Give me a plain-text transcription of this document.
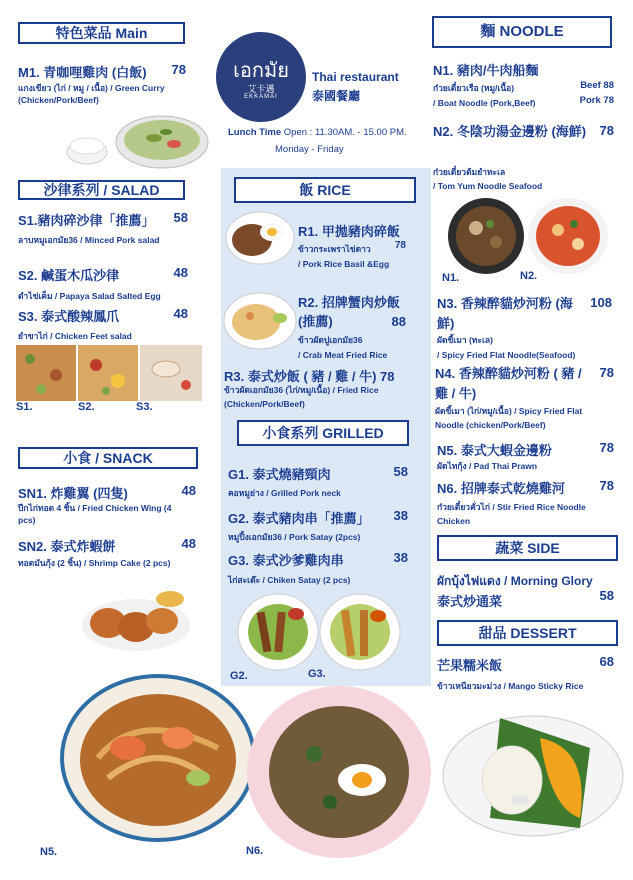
特色菜品 Main
M1. 青咖哩雞肉 (白飯)	78
แกงเขียว (ไก่ / หมู / เนื้อ) / Green Curry (Chicken/Pork/Beef)
沙律系列 / SALAD
S1.豬肉碎沙律「推薦」	58
ลาบหมูเอกมัย36 / Minced Pork salad
S2. 鹹蛋木瓜沙律	48
ตำไข่เค็ม / Papaya Salad Salted Egg
S3. 泰式酸辣鳳爪	48
ยำขาไก่ / Chicken Feet salad
S1.	S2.	S3.
小食 / SNACK
SN1. 炸雞翼 (四隻)	48
ปีกไก่ทอด 4 ชิ้น / Fried Chicken Wing (4 pcs)
SN2. 泰式炸蝦餅	48
ทอดมันกุ้ง (2 ชิ้น) / Shrimp Cake (2 pcs)
เอกมัย
艾卡邁
EKKAMAI
Thai restaurant
泰國餐廳
Lunch Time Open : 11.30AM. - 15.00 PM.
Monday - Friday
飯 RICE
R1. 甲拋豬肉碎飯
ข้าวกระเพราไข่ดาว	78
/ Pork Rice Basil &Egg
R2. 招牌蟹肉炒飯 (推薦)	88
ข้าวผัดปูเอกมัย36
/ Crab Meat Fried Rice
R3. 泰式炒飯 ( 豬 / 雞 / 牛) 78
ข้าวผัดเอกมัย36 (ไก่/หมู/เนื้อ) / Fried Rice (Chicken/Pork/Beef)
小食系列 GRILLED
G1. 泰式燒豬頸肉	58
คอหมูย่าง / Grilled Pork neck
G2. 泰式豬肉串「推薦」	38
หมูปิ้งเอกมัย36 / Pork Satay (2pcs)
G3. 泰式沙爹雞肉串	38
ไก่สะเต๊ะ / Chiken Satay (2 pcs)
G2.	G3.
麵 NOODLE
N1. 豬肉/牛肉船麵
ก๋วยเตี๋ยวเรือ (หมู/เนื้อ)	Beef 88
/ Boat Noodle (Pork,Beef)	Pork 78
N2. 冬陰功湯金邊粉 (海鮮)	78
ก๋วยเตี๋ยวต้มยำทะเล
/ Tom Yum Noodle Seafood
N1.	N2.
N3. 香辣醉貓炒河粉 (海鮮)
108
ผัดขี้เมา (ทะเล)
/ Spicy Fried Flat Noodle(Seafood)
N4. 香辣醉貓炒河粉 ( 豬 / 雞 / 牛)
78
ผัดขี้เมา (ไก่/หมู/เนื้อ) / Spicy Fried Flat Noodle (chicken/Pork/Beef)
N5. 泰式大蝦金邊粉	78
ผัดไทกุ้ง / Pad Thai Prawn
N6. 招牌泰式乾燒雞河	78
ก๋วยเตี๋ยวคั่วไก่ / Stir Fried Rice Noodle Chicken
蔬菜 SIDE
ผักบุ้งไฟแดง / Morning Glory
泰式炒通菜	58
甜品 DESSERT
芒果糯米飯	68
ข้าวเหนียวมะม่วง / Mango Sticky Rice
N5.	N6.
